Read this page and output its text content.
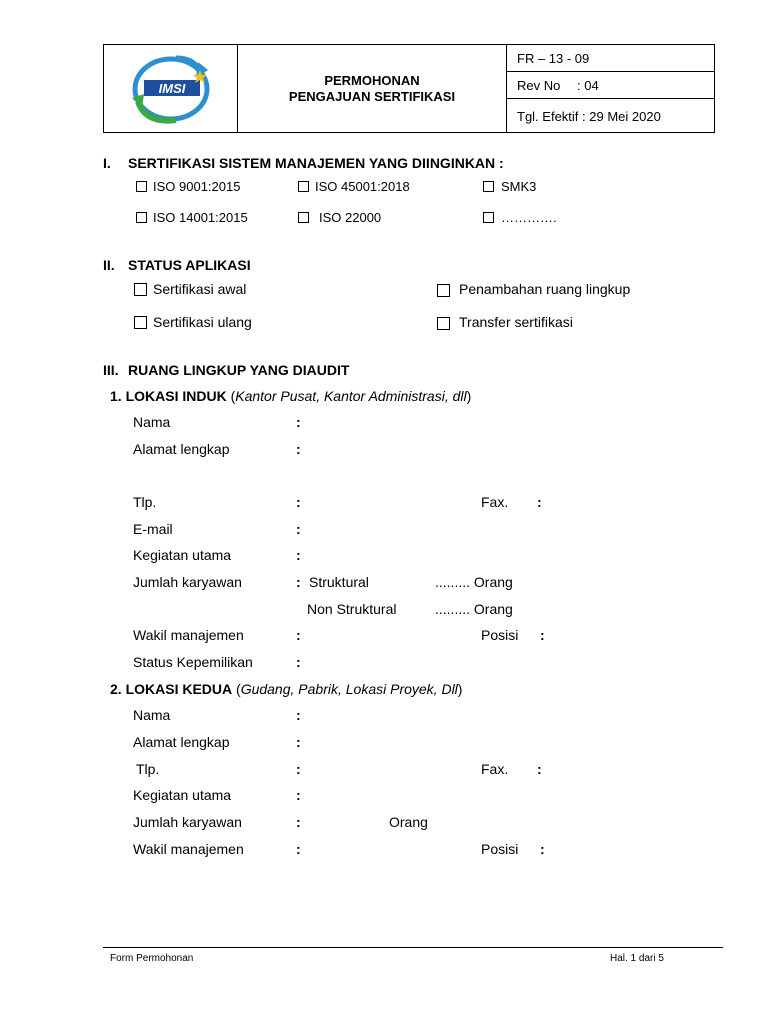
IMSI
PERMOHONAN
PENGAJUAN SERTIFIKASI
FR – 13 - 09
Rev No	: 04
Tgl. Efektif : 29 Mei 2020
I. SERTIFIKASI SISTEM MANAJEMEN YANG DIINGINKAN :
ISO 9001:2015	ISO 45001:2018	SMK3
ISO 14001:2015	ISO 22000	………….
II. STATUS APLIKASI
Sertifikasi awal	Penambahan ruang lingkup
Sertifikasi ulang	Transfer sertifikasi
III. RUANG LINGKUP YANG DIAUDIT
1. LOKASI INDUK (Kantor Pusat, Kantor Administrasi, dll)
Nama	:
Alamat lengkap	:
Tlp.	:	Fax. :
E-mail	:
Kegiatan utama	:
Jumlah karyawan	: Struktural	......... Orang
Non Struktural	......... Orang
Wakil manajemen	:	Posisi :
Status Kepemilikan	:
2. LOKASI KEDUA (Gudang, Pabrik, Lokasi Proyek, Dll)
Nama	:
Alamat lengkap	:
Tlp.	:	Fax. :
Kegiatan utama	:
Jumlah karyawan	:	Orang
Wakil manajemen	:	Posisi :
Form Permohonan	Hal. 1 dari 5
